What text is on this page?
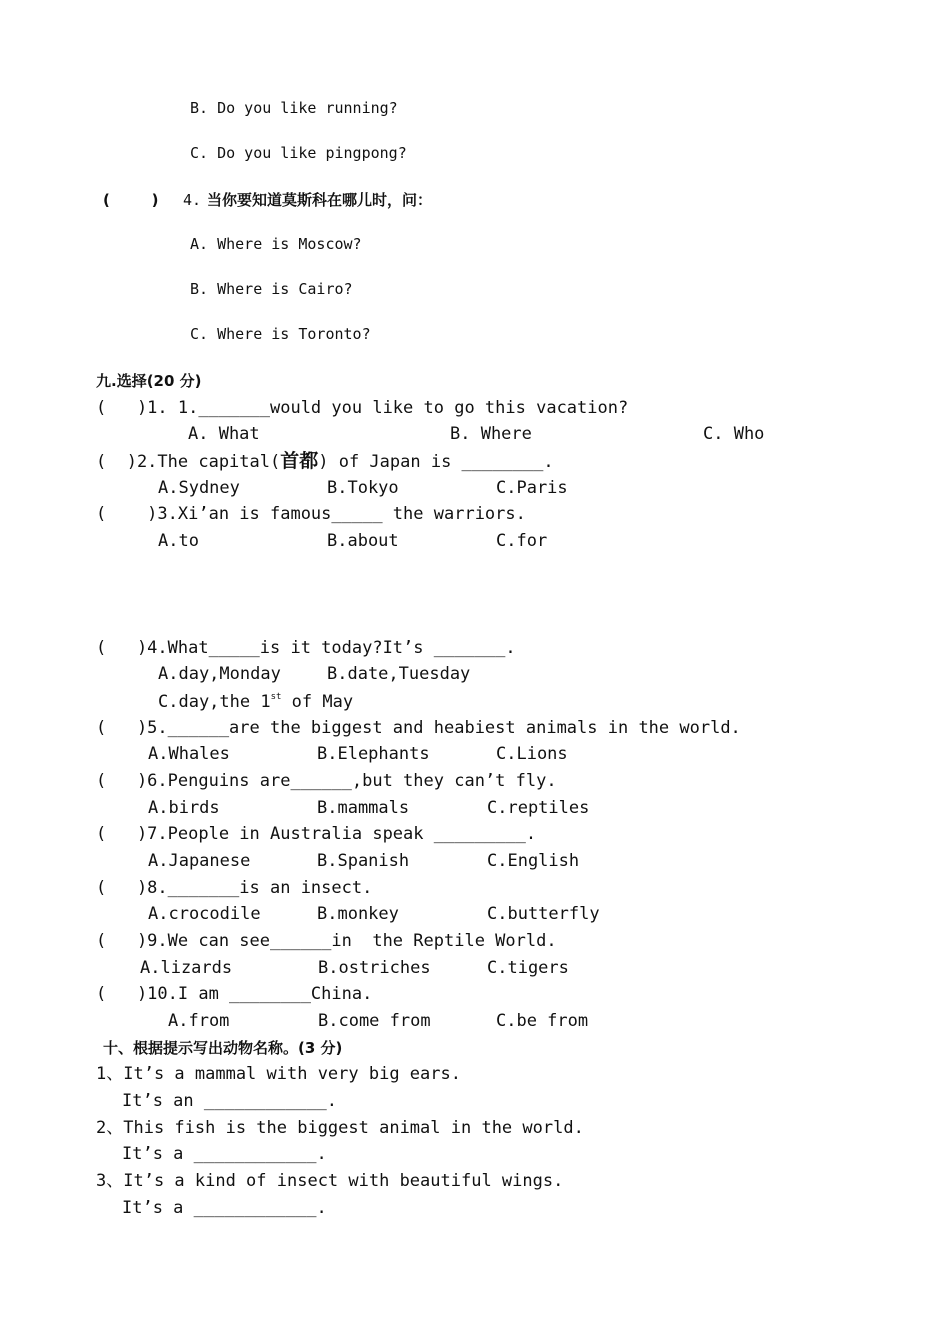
B. Do you like running?
C. Do you like pingpong?
(        ) 4. 当你要知道莫斯科在哪儿时，问：
A. Where is Moscow?
B. Where is Cairo?
C. Where is Toronto?
九.选择(20 分)
(   )1. 1._______would you like to go this vacation?
A. What	B. Where	C. Who
(  )2.The capital(首都) of Japan is ________.
A.Sydney	B.Tokyo	C.Paris
(    )3.Xi’an is famous_____ the warriors.
A.to	B.about	C.for
(   )4.What_____is it today?It’s _______.
A.day,Monday	B.date,Tuesday
C.day,the 1st of May
(   )5.______are the biggest and heabiest animals in the world.
A.Whales	B.Elephants	C.Lions
(   )6.Penguins are______,but they can’t fly.
A.birds	B.mammals	C.reptiles
(   )7.People in Australia speak _________.
A.Japanese	B.Spanish	C.English
(   )8._______is an insect.
A.crocodile	B.monkey	C.butterfly
(   )9.We can see______in  the Reptile World.
A.lizards	B.ostriches	C.tigers
(   )10.I am ________China.
A.from	B.come from	C.be from
十、根据提示写出动物名称。(3 分)
1、It’s a mammal with very big ears.
It’s an ____________.
2、This fish is the biggest animal in the world.
It’s a ____________.
3、It’s a kind of insect with beautiful wings.
It’s a ____________.
